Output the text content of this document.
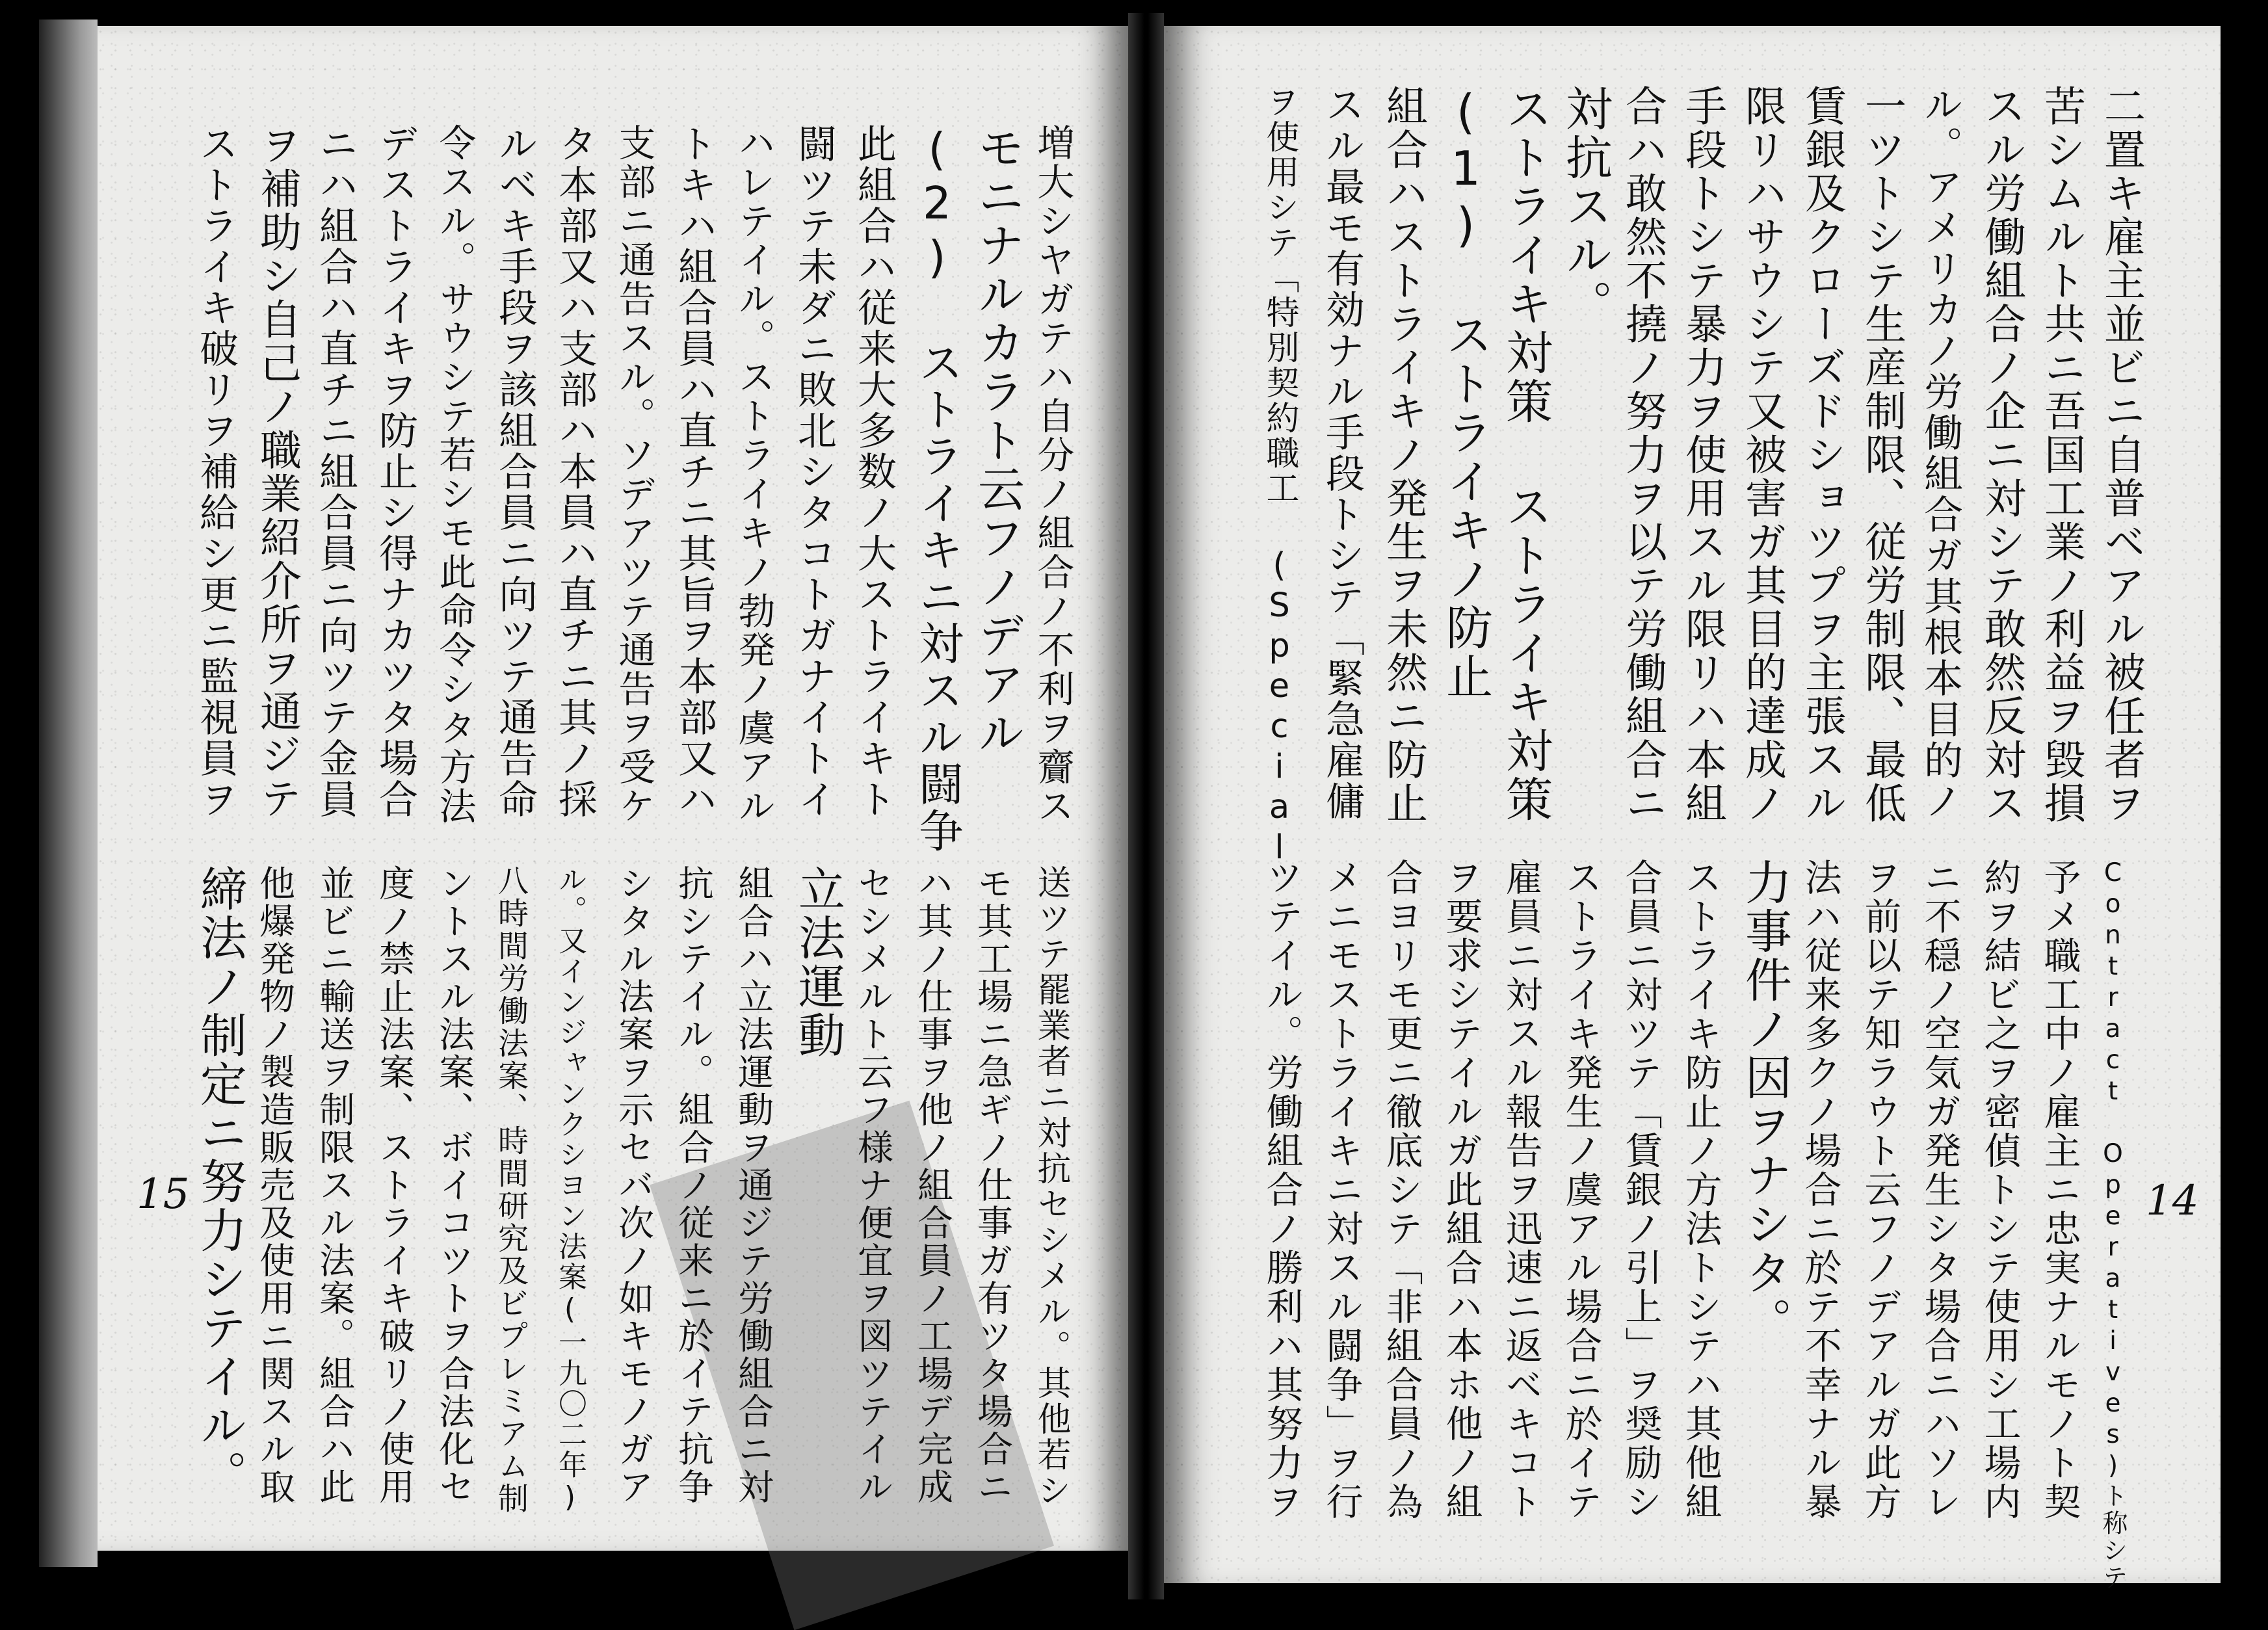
増大シヤガテハ自分ノ組合ノ不利ヲ齎ス
モニナルカラト云フノデアル
(2) ストライキニ対スル闘争
此組合ハ従来大多数ノ大ストライキト
闘ツテ未ダニ敗北シタコトガナイトイ
ハレテイル。ストライキノ勃発ノ虞アル
トキハ組合員ハ直チニ其旨ヲ本部又ハ
支部ニ通告スル。ソデアツテ通告ヲ受ケ
タ本部又ハ支部ハ本員ハ直チニ其ノ採
ルベキ手段ヲ該組合員ニ向ツテ通告命
令スル。サウシテ若シモ此命令シタ方法
デストライキヲ防止シ得ナカツタ場合
ニハ組合ハ直チニ組合員ニ向ツテ金員
ヲ補助シ自己ノ職業紹介所ヲ通ジテ
ストライキ破リヲ補給シ更ニ監視員ヲ
送ツテ罷業者ニ対抗セシメル。其他若シ
モ其工場ニ急ギノ仕事ガ有ツタ場合ニ
ハ其ノ仕事ヲ他ノ組合員ノ工場デ完成
セシメルト云フ様ナ便宜ヲ図ツテイル
立法運動
組合ハ立法運動ヲ通ジテ労働組合ニ対
抗シテイル。組合ノ従来ニ於イテ抗争
シタル法案ヲ示セバ次ノ如キモノガア
ル。又インジャンクシヨン法案(一九〇二年)
八時間労働法案、時間研究及ビプレミアム制
ントスル法案、ボイコツトヲ合法化セ
度ノ禁止法案、ストライキ破リノ使用
並ビニ輸送ヲ制限スル法案。組合ハ此
他爆発物ノ製造販売及使用ニ関スル取
締法ノ制定ニ努力シテイル。
15
二置キ雇主並ビニ自普ベアル被任者ヲ
苦シムルト共ニ吾国工業ノ利益ヲ毀損
スル労働組合ノ企ニ対シテ敢然反対ス
ル。アメリカノ労働組合ガ其根本目的ノ
一ツトシテ生産制限、従労制限、最低
賃銀及クローズドショツプヲ主張スル
限リハサウシテ又被害ガ其目的達成ノ
手段トシテ暴力ヲ使用スル限リハ本組
合ハ敢然不撓ノ努力ヲ以テ労働組合ニ
対抗スル。
ストライキ対策 ストライキ対策
(1) ストライキノ防止
組合ハストライキノ発生ヲ未然ニ防止
スル最モ有効ナル手段トシテ「緊急雇傭
ヲ使用シテ「特別契約職工 (Special
Contract Operatives)ト称シテ
予メ職工中ノ雇主ニ忠実ナルモノト契
約ヲ結ビ之ヲ密偵トシテ使用シ工場内
ニ不穏ノ空気ガ発生シタ場合ニハソレ
ヲ前以テ知ラウト云フノデアルガ此方
法ハ従来多クノ場合ニ於テ不幸ナル暴
力事件ノ因ヲナシタ。
ストライキ防止ノ方法トシテハ其他組
合員ニ対ツテ「賃銀ノ引上」ヲ奨励シ
ストライキ発生ノ虞アル場合ニ於イテ
雇員ニ対スル報告ヲ迅速ニ返ベキコト
ヲ要求シテイルガ此組合ハ本ホ他ノ組
合ヨリモ更ニ徹底シテ「非組合員ノ為
メニモストライキニ対スル闘争」ヲ行
ツテイル。労働組合ノ勝利ハ其努力ヲ	14
